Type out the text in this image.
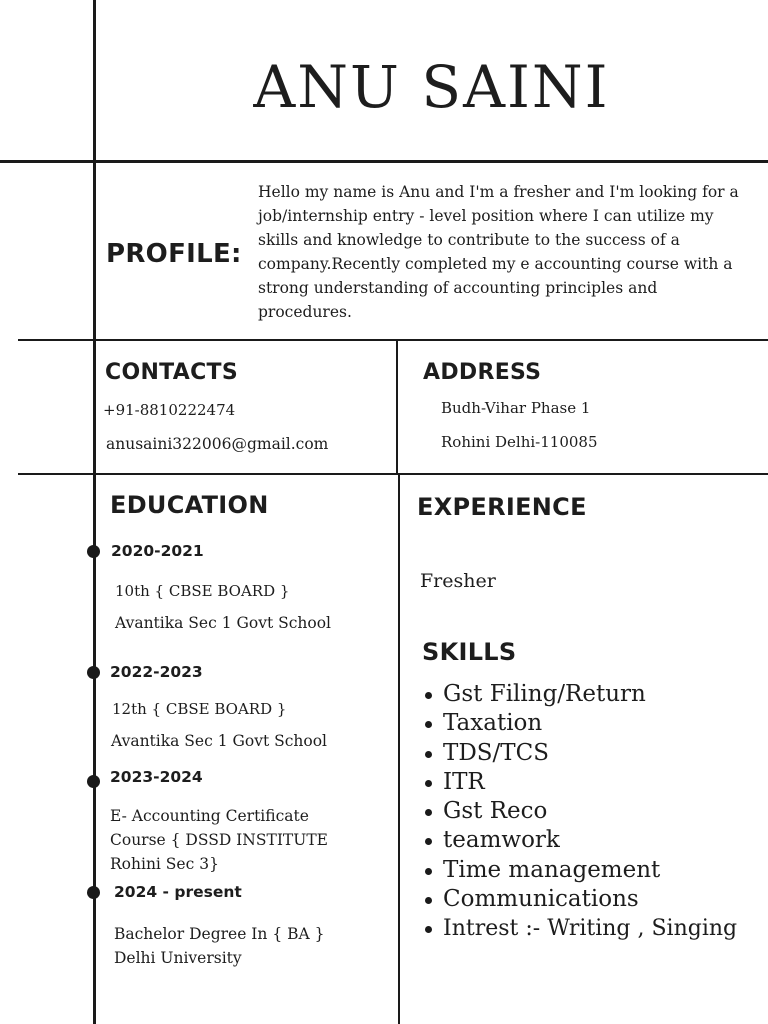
ANU SAINI
PROFILE:
Hello my name is Anu and I'm a fresher and I'm looking for a job/internship entry - level position where I can utilize my skills and knowledge to contribute to the success of a company.Recently completed my e accounting course with a strong understanding of accounting principles and procedures.
CONTACTS
+91-8810222474
anusaini322006@gmail.com
ADDRESS
Budh-Vihar Phase 1
Rohini Delhi-110085
EDUCATION
2020-2021
10th { CBSE BOARD }
Avantika Sec 1 Govt School
2022-2023
12th { CBSE BOARD }
Avantika Sec 1 Govt School
2023-2024
E- Accounting Certificate
Course { DSSD INSTITUTE
Rohini Sec 3}
2024 - present
Bachelor Degree In { BA }
Delhi University
EXPERIENCE
Fresher
SKILLS
Gst Filing/Return
Taxation
TDS/TCS
ITR
Gst Reco
teamwork
Time management
Communications
Intrest :- Writing , Singing
